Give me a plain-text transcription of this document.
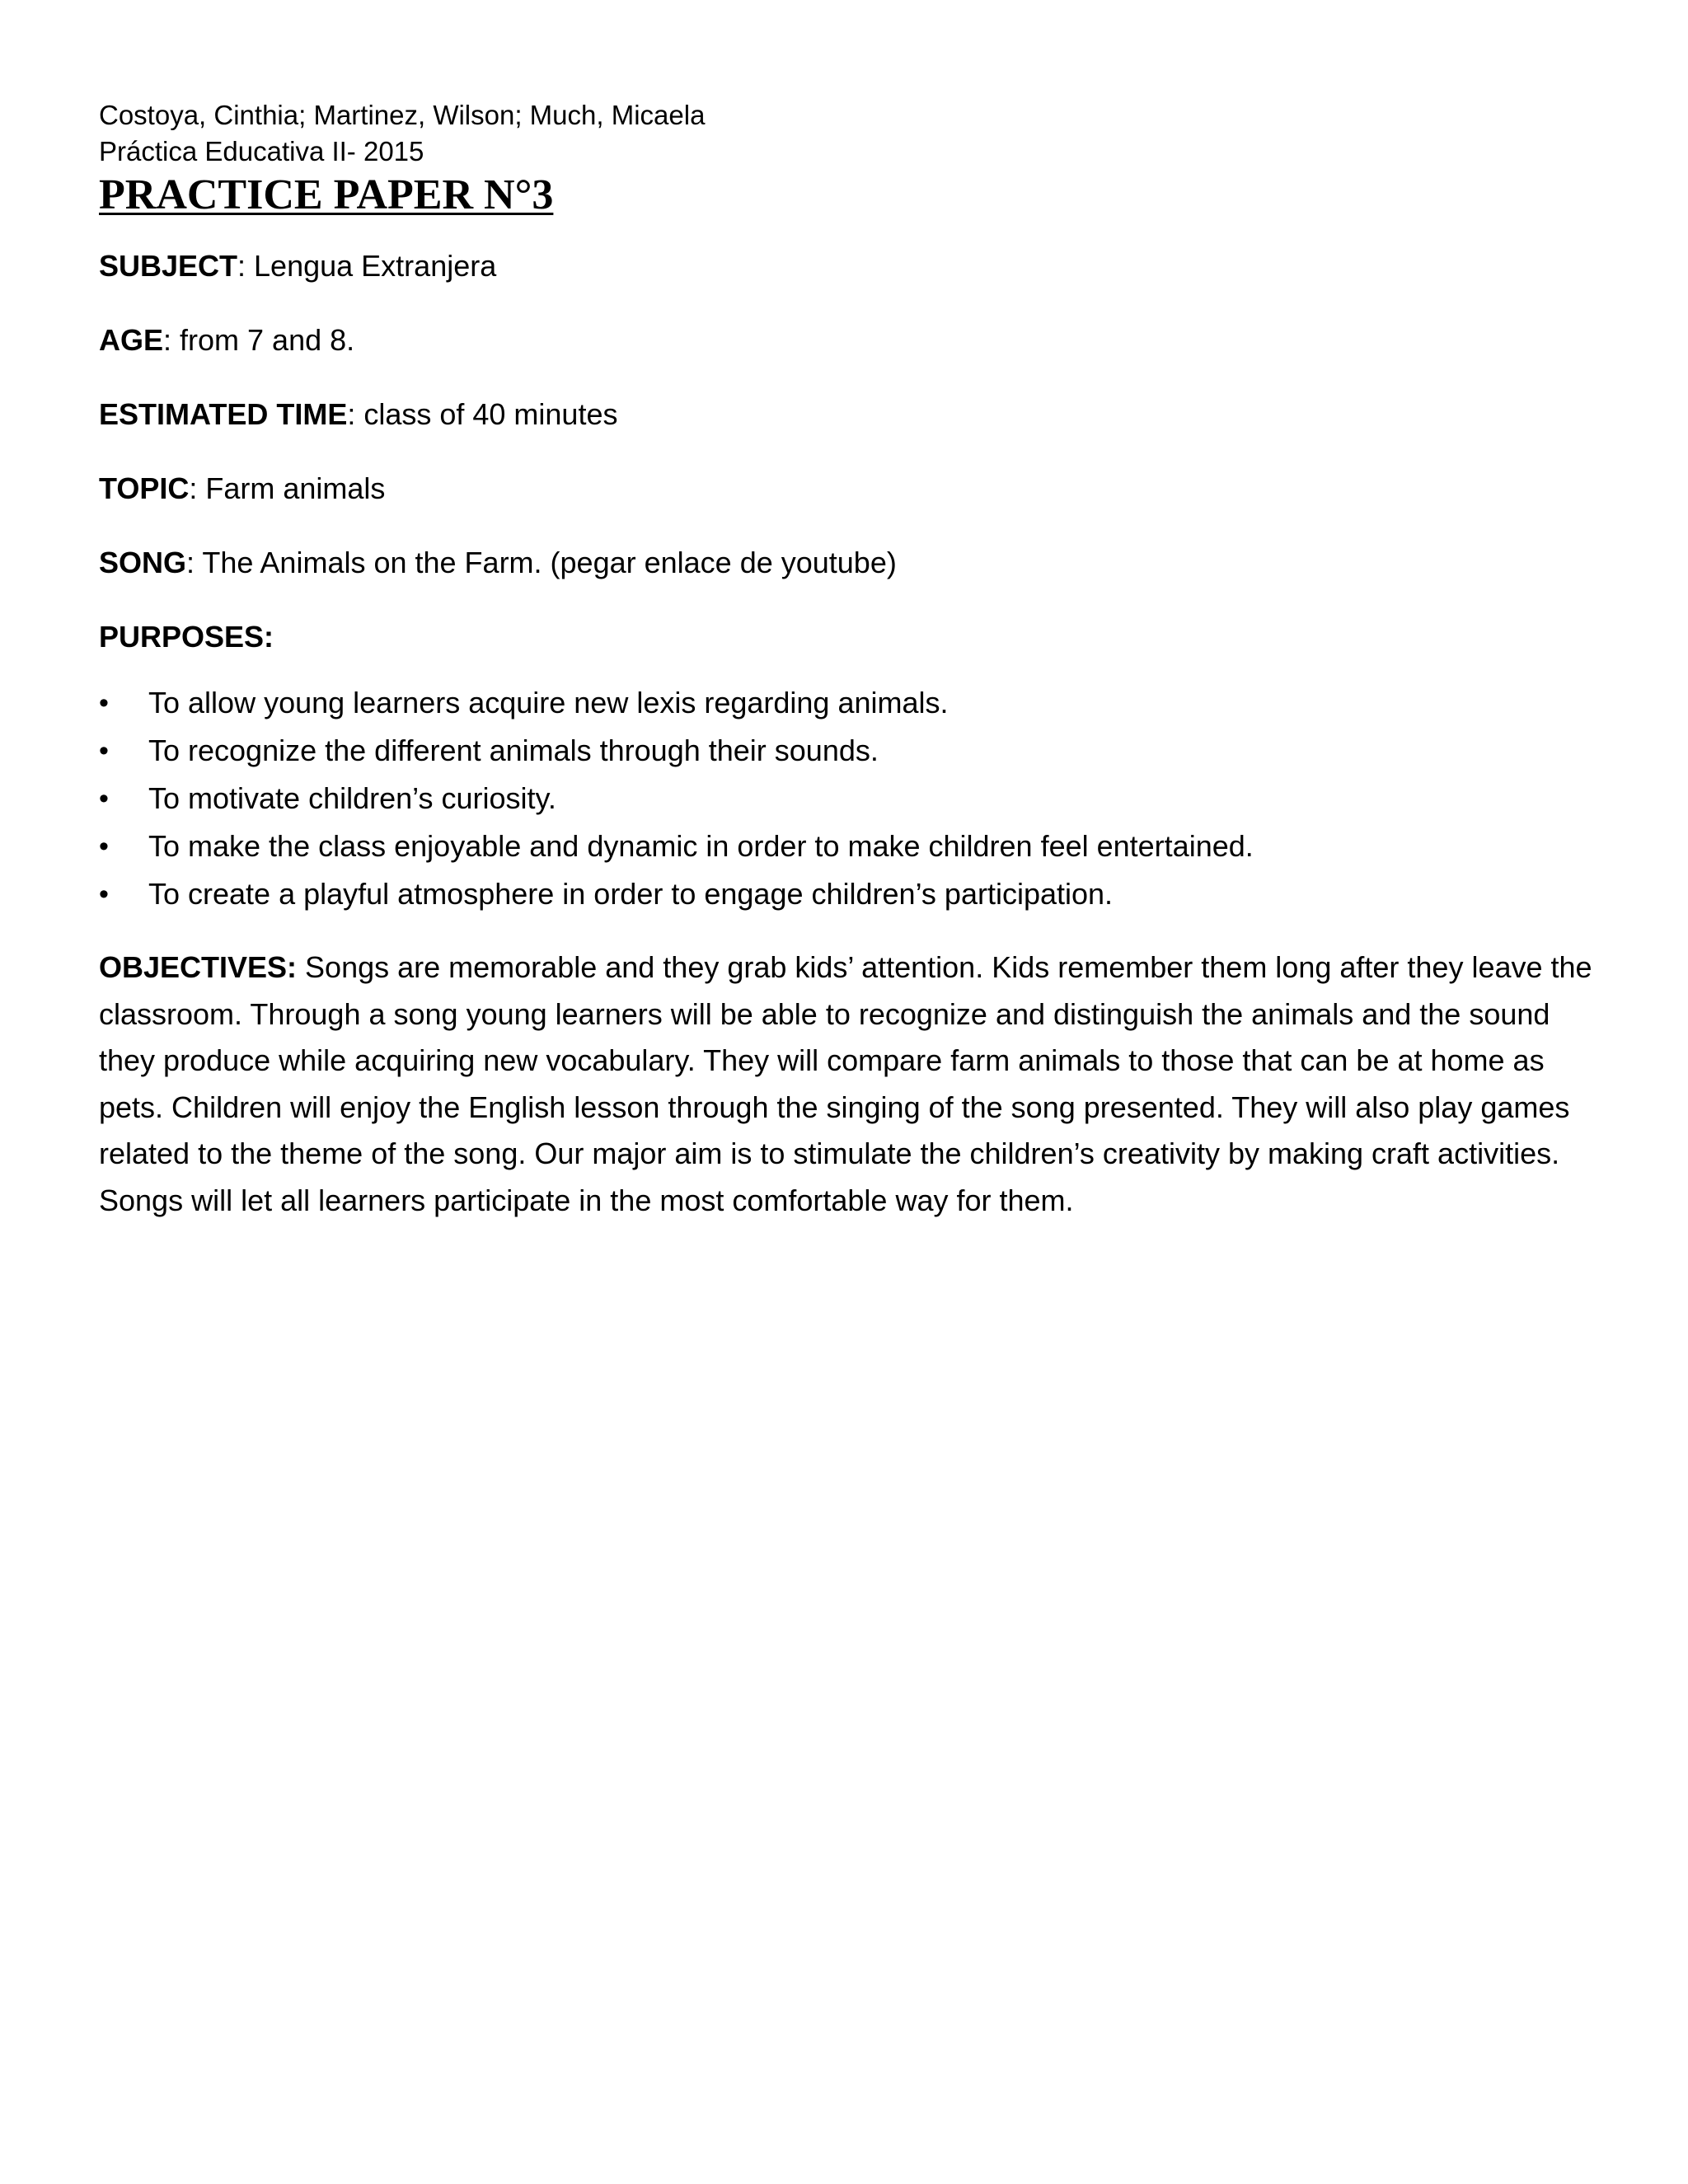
Costoya, Cinthia; Martinez, Wilson; Much, Micaela

Práctica Educativa II- 2015

PRACTICE PAPER N°3

SUBJECT: Lengua Extranjera

AGE: from 7 and 8.

ESTIMATED TIME: class of 40 minutes

TOPIC: Farm animals

SONG: The Animals on the Farm. (pegar enlace de youtube)

PURPOSES:

•	To allow young learners acquire new lexis regarding animals.
•	To recognize the different animals through their sounds.
•	To motivate children’s curiosity.
•	To make the class enjoyable and dynamic in order to make children feel entertained.
•	To create a playful atmosphere in order to engage children’s participation.

OBJECTIVES: Songs are memorable and they grab kids’ attention. Kids remember them long after they leave the classroom. Through a song young learners will be able to recognize and distinguish the animals and the sound they produce while acquiring new vocabulary. They will compare farm animals to those that can be at home as pets. Children will enjoy the English lesson through the singing of the song presented. They will also play games related to the theme of the song. Our major aim is to stimulate the children’s creativity by making craft activities. Songs will let all learners participate in the most comfortable way for them.
